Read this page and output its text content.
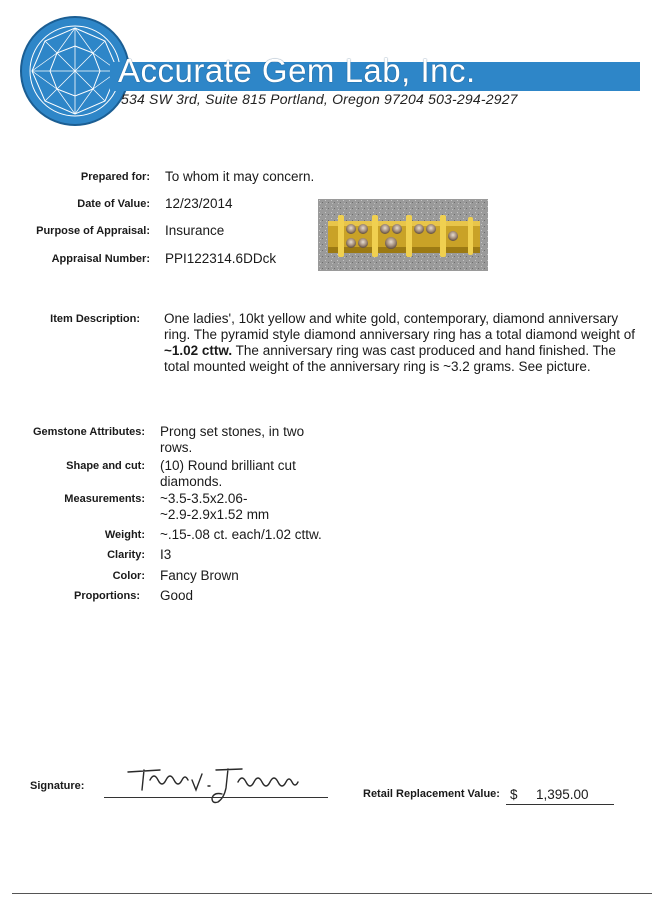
Accurate Gem Lab, Inc.
534 SW 3rd, Suite 815 Portland, Oregon 97204 503-294-2927
Prepared for: To whom it may concern.
Date of Value: 12/23/2014
Purpose of Appraisal: Insurance
Appraisal Number: PPI122314.6DDck
Item Description: One ladies', 10kt yellow and white gold, contemporary, diamond anniversary ring. The pyramid style diamond anniversary ring has a total diamond weight of ~1.02 cttw. The anniversary ring was cast produced and hand finished. The total mounted weight of the anniversary ring is ~3.2 grams. See picture.
Gemstone Attributes: Prong set stones, in two rows.
Shape and cut: (10) Round brilliant cut diamonds.
Measurements: ~3.5-3.5x2.06-
~2.9-2.9x1.52 mm
Weight: ~.15-.08 ct. each/1.02 cttw.
Clarity: I3
Color: Fancy Brown
Proportions: Good
Signature:
Retail Replacement Value: $ 1,395.00
